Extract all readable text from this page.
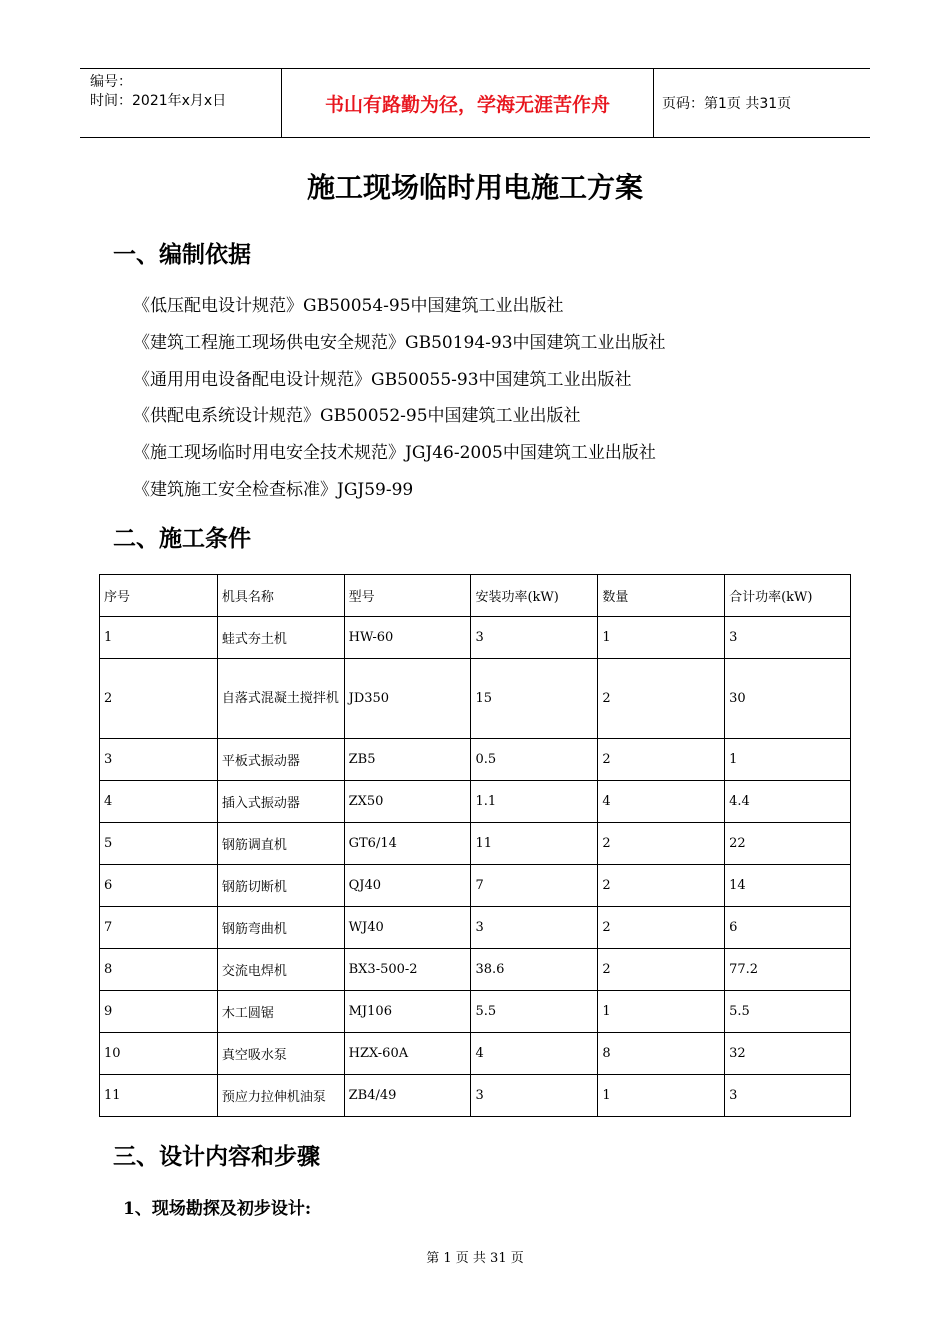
编号：
时间：2021年x月x日	书山有路勤为径，学海无涯苦作舟	页码：第1页 共31页
施工现场临时用电施工方案
一、编制依据
《低压配电设计规范》GB50054-95中国建筑工业出版社
《建筑工程施工现场供电安全规范》GB50194-93中国建筑工业出版社
《通用用电设备配电设计规范》GB50055-93中国建筑工业出版社
《供配电系统设计规范》GB50052-95中国建筑工业出版社
《施工现场临时用电安全技术规范》JGJ46-2005中国建筑工业出版社
《建筑施工安全检查标准》JGJ59-99
二、施工条件
序号	机具名称	型号	安装功率(kW)	数量	合计功率(kW)
1	蛙式夯土机	HW-60	3	1	3
2	自落式混凝土搅拌机	JD350	15	2	30
3	平板式振动器	ZB5	0.5	2	1
4	插入式振动器	ZX50	1.1	4	4.4
5	钢筋调直机	GT6/14	11	2	22
6	钢筋切断机	QJ40	7	2	14
7	钢筋弯曲机	WJ40	3	2	6
8	交流电焊机	BX3-500-2	38.6	2	77.2
9	木工圆锯	MJ106	5.5	1	5.5
10	真空吸水泵	HZX-60A	4	8	32
11	预应力拉伸机油泵	ZB4/49	3	1	3
三、设计内容和步骤
1、现场勘探及初步设计:
第 1 页 共 31 页
